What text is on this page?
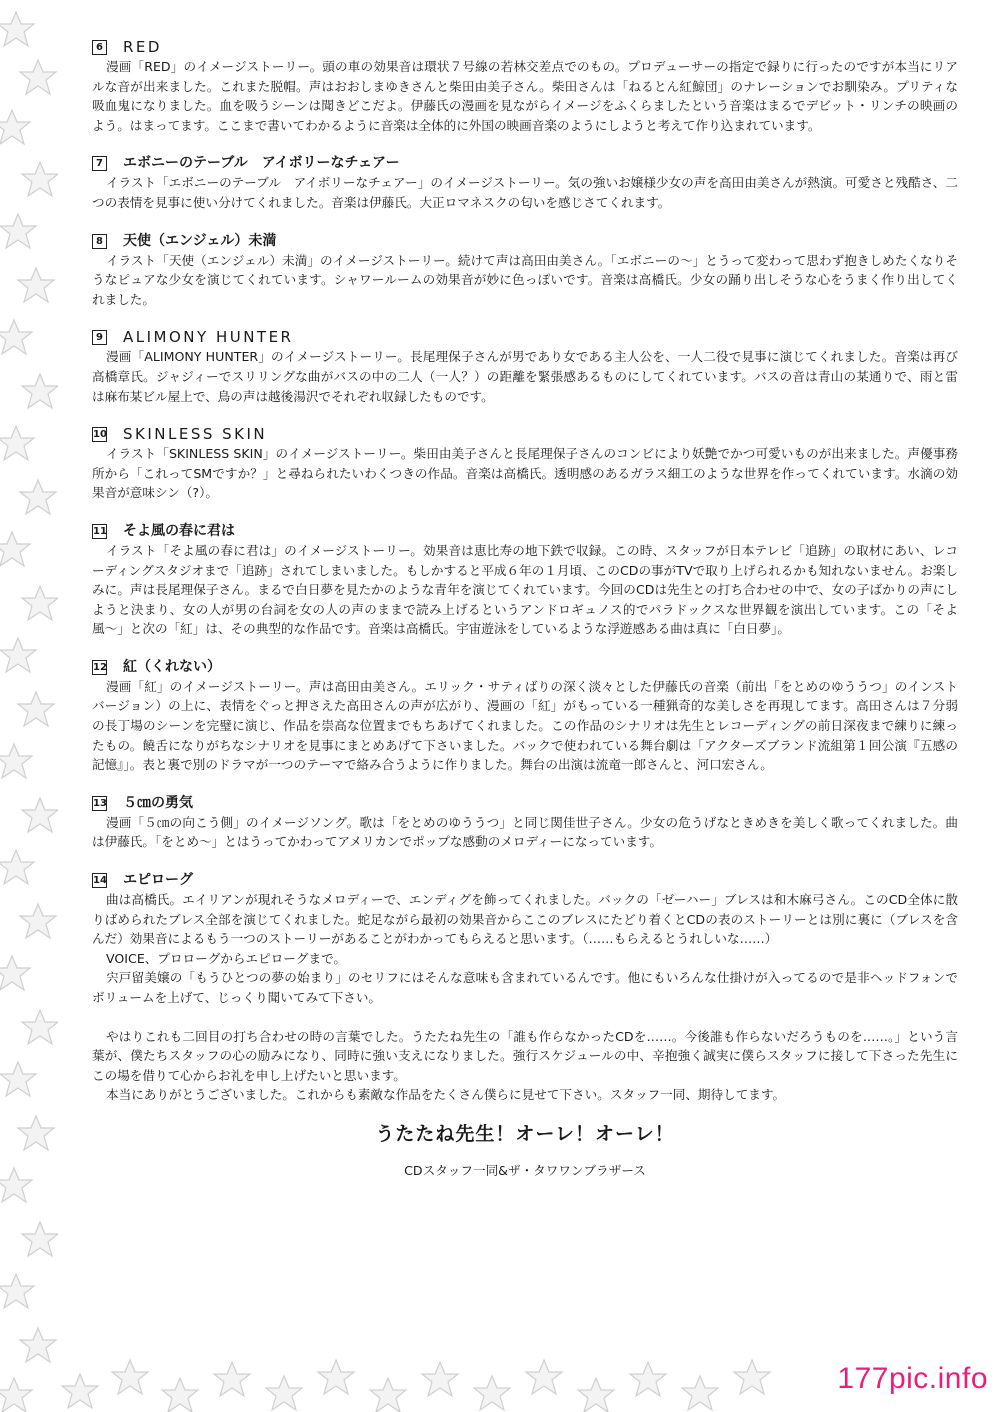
6 RED

漫画「RED」のイメージストーリー。頭の車の効果音は環状７号線の若林交差点でのもの。プロデューサーの指定で録りに行ったのですが本当にリアルな音が出来ました。これまた脱帽。声はおおしまゆきさんと柴田由美子さん。柴田さんは「ねるとん紅鯨団」のナレーションでお馴染み。プリティな吸血鬼になりました。血を吸うシーンは聞きどこだよ。伊藤氏の漫画を見ながらイメージをふくらましたという音楽はまるでデビット・リンチの映画のよう。はまってます。ここまで書いてわかるように音楽は全体的に外国の映画音楽のようにしようと考えて作り込まれています。

7 エボニーのテーブル　アイボリーなチェアー

イラスト「エボニーのテーブル　アイボリーなチェアー」のイメージストーリー。気の強いお嬢様少女の声を高田由美さんが熱演。可愛さと残酷さ、二つの表情を見事に使い分けてくれました。音楽は伊藤氏。大正ロマネスクの匂いを感じさてくれます。

8 天使（エンジェル）未満

イラスト「天使（エンジェル）未満」のイメージストーリー。続けて声は高田由美さん。「エボニーの〜」とうって変わって思わず抱きしめたくなりそうなピュアな少女を演じてくれています。シャワールームの効果音が妙に色っぽいです。音楽は高橋氏。少女の踊り出しそうな心をうまく作り出してくれました。

9 ALIMONY HUNTER

漫画「ALIMONY HUNTER」のイメージストーリー。長尾理保子さんが男であり女である主人公を、一人二役で見事に演じてくれました。音楽は再び高橋章氏。ジャジィーでスリリングな曲がバスの中の二人（一人？）の距離を緊張感あるものにしてくれています。バスの音は青山の某通りで、雨と雷は麻布某ビル屋上で、鳥の声は越後湯沢でそれぞれ収録したものです。

10 SKINLESS SKIN

イラスト「SKINLESS SKIN」のイメージストーリー。柴田由美子さんと長尾理保子さんのコンビにより妖艶でかつ可愛いものが出来ました。声優事務所から「これってSMですか？」と尋ねられたいわくつきの作品。音楽は高橋氏。透明感のあるガラス細工のような世界を作ってくれています。水滴の効果音が意味シン（?）。

11 そよ風の春に君は

イラスト「そよ風の春に君は」のイメージストーリー。効果音は恵比寿の地下鉄で収録。この時、スタッフが日本テレビ「追跡」の取材にあい、レコーディングスタジオまで「追跡」されてしまいました。もしかすると平成６年の１月頃、このCDの事がTVで取り上げられるかも知れないません。お楽しみに。声は長尾理保子さん。まるで白日夢を見たかのような青年を演じてくれています。今回のCDは先生との打ち合わせの中で、女の子ばかりの声にしようと決まり、女の人が男の台詞を女の人の声のままで読み上げるというアンドロギュノス的でパラドックスな世界観を演出しています。この「そよ風〜」と次の「紅」は、その典型的な作品です。音楽は高橋氏。宇宙遊泳をしているような浮遊感ある曲は真に「白日夢」。

12 紅（くれない）

漫画「紅」のイメージストーリー。声は高田由美さん。エリック・サティばりの深く淡々とした伊藤氏の音楽（前出「をとめのゆううつ」のインストバージョン）の上に、表情をぐっと押さえた高田さんの声が広がり、漫画の「紅」がもっている一種猟奇的な美しさを再現してます。高田さんは７分弱の長丁場のシーンを完璧に演じ、作品を崇高な位置までもちあげてくれました。この作品のシナリオは先生とレコーディングの前日深夜まで練りに練ったもの。饒舌になりがちなシナリオを見事にまとめあげて下さいました。バックで使われている舞台劇は「アクターズブランド流組第１回公演『五感の記憶』」。表と裏で別のドラマが一つのテーマで絡み合うように作りました。舞台の出演は流竜一郎さんと、河口宏さん。

13 ５㎝の勇気

漫画「５㎝の向こう側」のイメージソング。歌は「をとめのゆううつ」と同じ関佳世子さん。少女の危うげなときめきを美しく歌ってくれました。曲は伊藤氏。「をとめ〜」とはうってかわってアメリカンでポップな感動のメロディーになっています。

14 エピローグ

曲は高橋氏。エイリアンが現れそうなメロディーで、エンディグを飾ってくれました。バックの「ゼーハー」ブレスは和木麻弓さん。このCD全体に散りばめられたブレス全部を演じてくれました。蛇足ながら最初の効果音からここのブレスにたどり着くとCDの表のストーリーとは別に裏に（ブレスを含んだ）効果音によるもう一つのストーリーがあることがわかってもらえると思います。（……もらえるとうれしいな……）

VOICE、プロローグからエピローグまで。

宍戸留美嬢の「もうひとつの夢の始まり」のセリフにはそんな意味も含まれているんです。他にもいろんな仕掛けが入ってるので是非ヘッドフォンでボリュームを上げて、じっくり聞いてみて下さい。

やはりこれも二回目の打ち合わせの時の言葉でした。うたたね先生の「誰も作らなかったCDを……。今後誰も作らないだろうものを……。」という言葉が、僕たちスタッフの心の励みになり、同時に強い支えになりました。強行スケジュールの中、辛抱強く誠実に僕らスタッフに接して下さった先生にこの場を借りて心からお礼を申し上げたいと思います。

本当にありがとうございました。これからも素敵な作品をたくさん僕らに見せて下さい。スタッフ一同、期待してます。

うたたね先生！オーレ！オーレ！
CDスタッフ一同&ザ・タワワンブラザース
177pic.info
